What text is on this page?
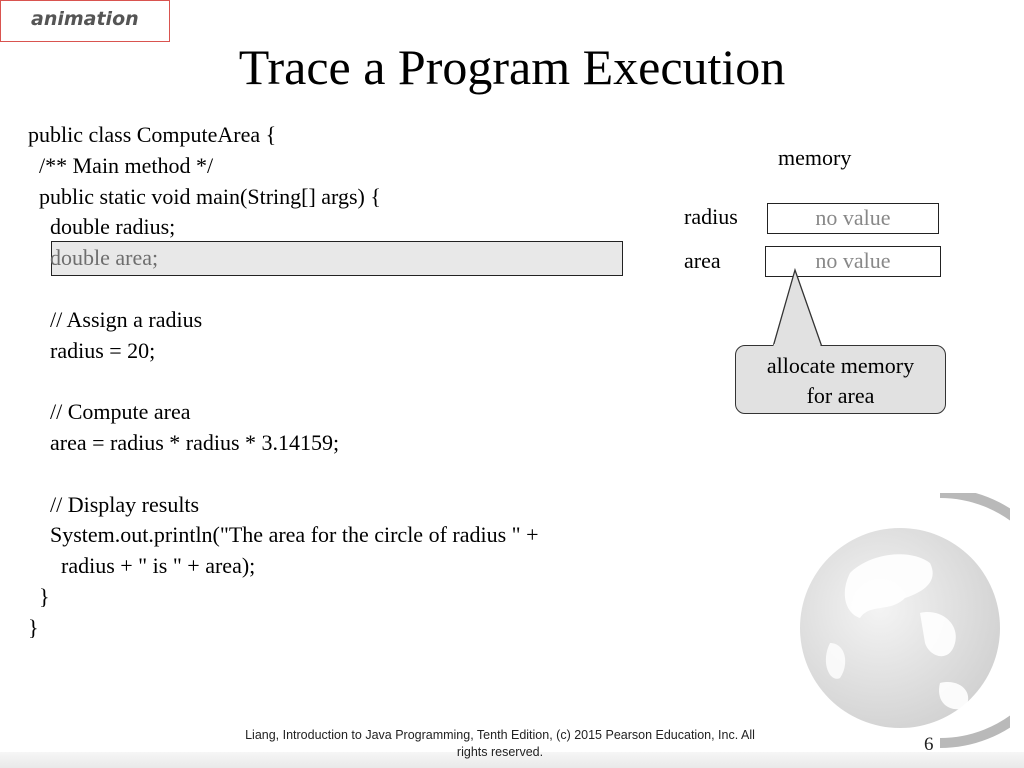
animation
Trace a Program Execution
public class ComputeArea {
/** Main method */
public static void main(String[] args) {
double radius;
double area;
// Assign a radius
radius = 20;
// Compute area
area = radius * radius * 3.14159;
// Display results
System.out.println("The area for the circle of radius " +
radius + " is " + area);
}
}
memory
radius	no value
area	no value
allocate memory
for area
Liang, Introduction to Java Programming, Tenth Edition, (c) 2015 Pearson Education, Inc. All
rights reserved.	6
